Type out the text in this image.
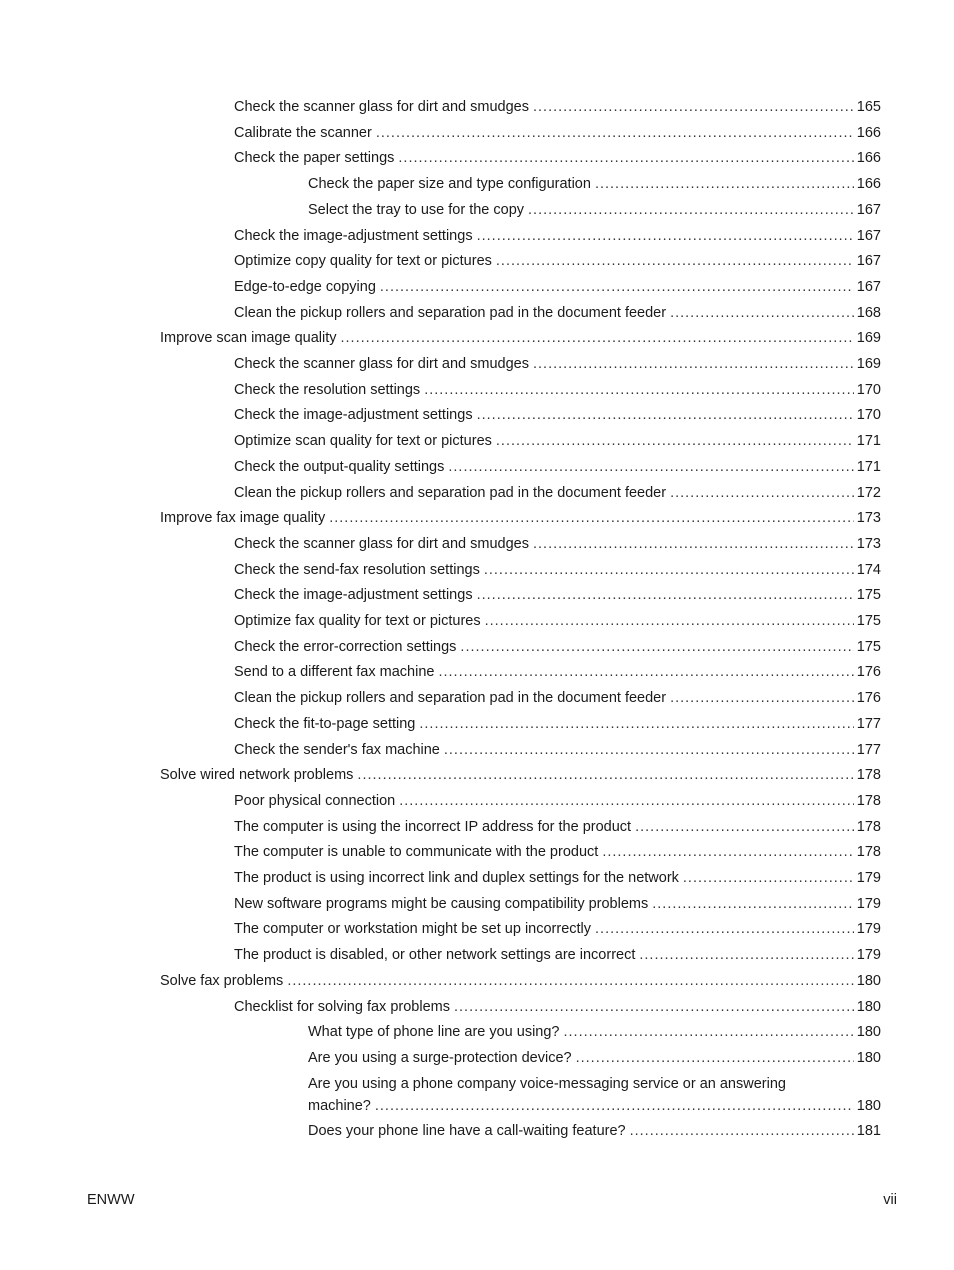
Check the scanner glass for dirt and smudges .....	165
Calibrate the scanner .....	166
Check the paper settings .....	166
Check the paper size and type configuration .....	166
Select the tray to use for the copy .....	167
Check the image-adjustment settings .....	167
Optimize copy quality for text or pictures .....	167
Edge-to-edge copying .....	167
Clean the pickup rollers and separation pad in the document feeder .....	168
Improve scan image quality .....	169
Check the scanner glass for dirt and smudges .....	169
Check the resolution settings .....	170
Check the image-adjustment settings .....	170
Optimize scan quality for text or pictures .....	171
Check the output-quality settings .....	171
Clean the pickup rollers and separation pad in the document feeder .....	172
Improve fax image quality .....	173
Check the scanner glass for dirt and smudges .....	173
Check the send-fax resolution settings .....	174
Check the image-adjustment settings .....	175
Optimize fax quality for text or pictures .....	175
Check the error-correction settings .....	175
Send to a different fax machine .....	176
Clean the pickup rollers and separation pad in the document feeder .....	176
Check the fit-to-page setting .....	177
Check the sender's fax machine .....	177
Solve wired network problems .....	178
Poor physical connection .....	178
The computer is using the incorrect IP address for the product .....	178
The computer is unable to communicate with the product .....	178
The product is using incorrect link and duplex settings for the network .....	179
New software programs might be causing compatibility problems .....	179
The computer or workstation might be set up incorrectly .....	179
The product is disabled, or other network settings are incorrect .....	179
Solve fax problems .....	180
Checklist for solving fax problems .....	180
What type of phone line are you using? .....	180
Are you using a surge-protection device? .....	180
Are you using a phone company voice-messaging service or an answering
machine? .....	180
Does your phone line have a call-waiting feature? .....	181
ENWW	vii
